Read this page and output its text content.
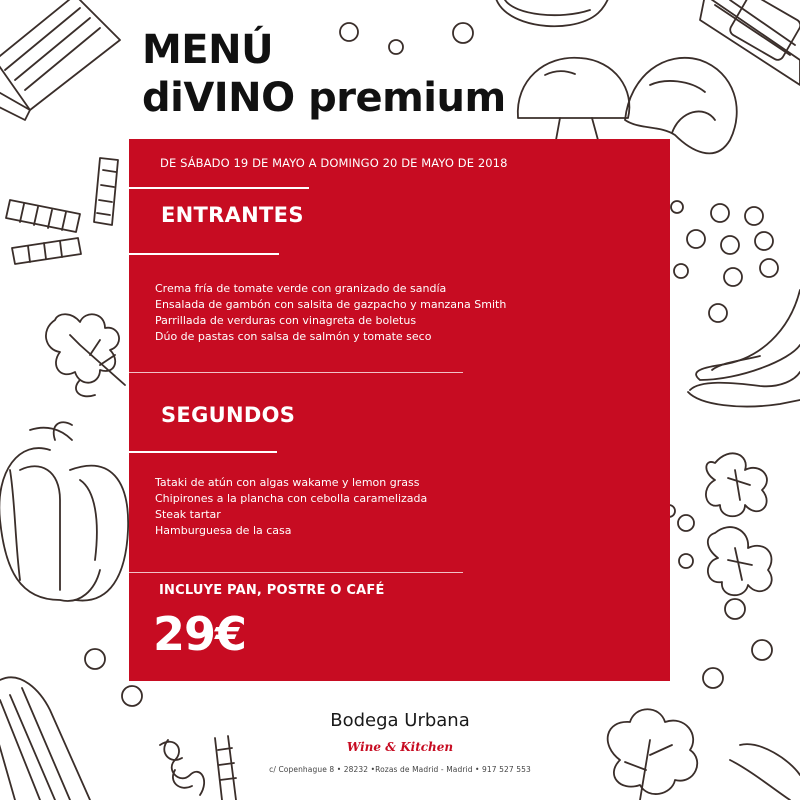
MENÚ
diVINO premium
DE SÁBADO 19 DE MAYO A DOMINGO 20 DE MAYO DE 2018
ENTRANTES
Crema fría de tomate verde con granizado de sandía
Ensalada de gambón con salsita de gazpacho y manzana Smith
Parrillada de verduras con vinagreta de boletus
Dúo de pastas con salsa de salmón y tomate seco
SEGUNDOS
Tataki de atún con algas wakame y lemon grass
Chipirones a la plancha con cebolla caramelizada
Steak tartar
Hamburguesa de la casa
INCLUYE PAN, POSTRE O CAFÉ
29€
Bodega Urbana
Wine & Kitchen
c/ Copenhague 8 • 28232 •Rozas de Madrid - Madrid • 917 527 553
